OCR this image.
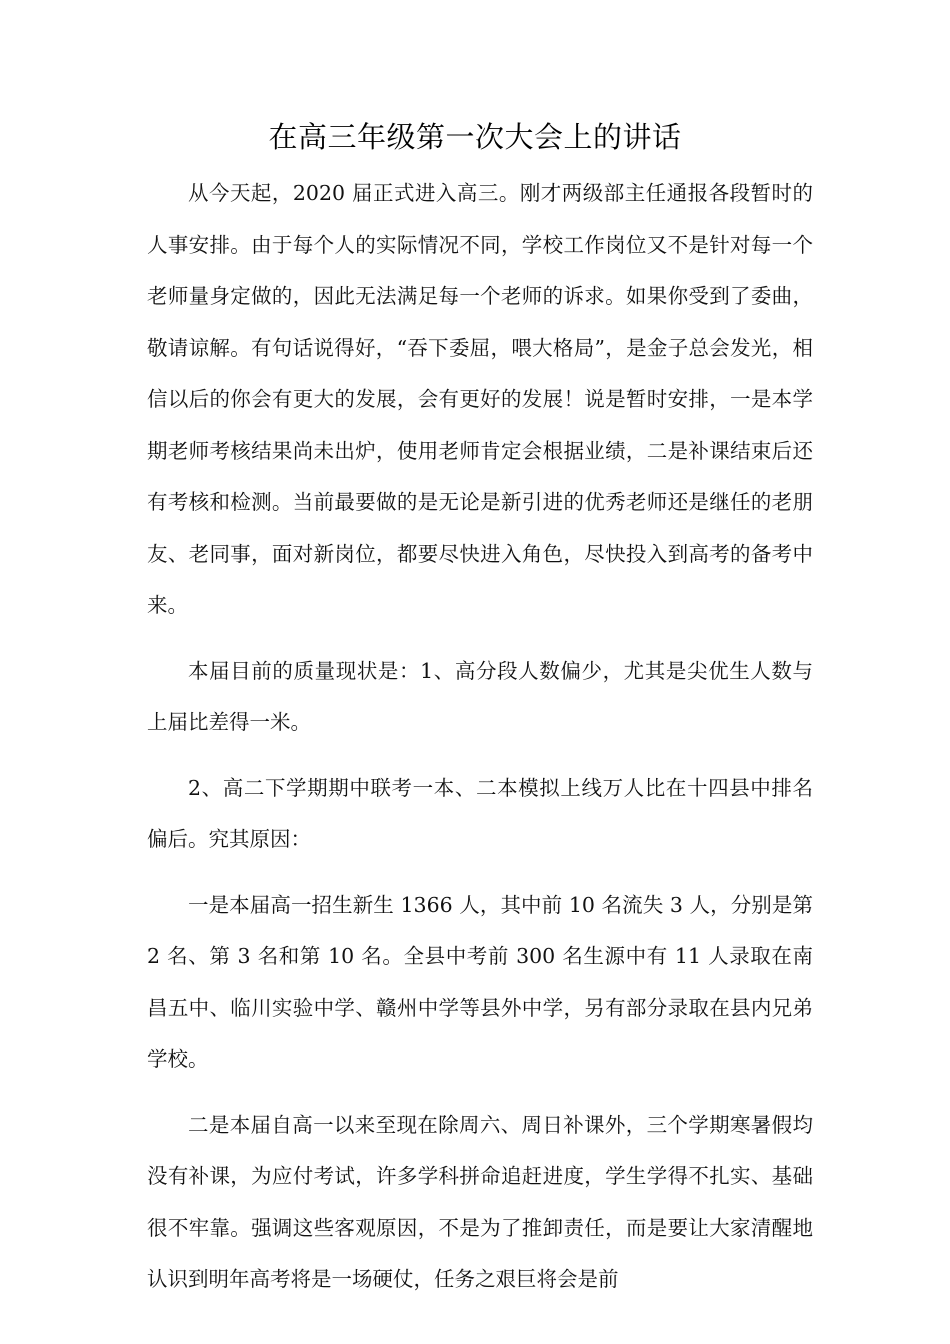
在高三年级第一次大会上的讲话

从今天起，2020 届正式进入高三。刚才两级部主任通报各段暂时的人事安排。由于每个人的实际情况不同，学校工作岗位又不是针对每一个老师量身定做的，因此无法满足每一个老师的诉求。如果你受到了委曲，敬请谅解。有句话说得好，“吞下委屈，喂大格局”，是金子总会发光，相信以后的你会有更大的发展，会有更好的发展！说是暂时安排，一是本学期老师考核结果尚未出炉，使用老师肯定会根据业绩，二是补课结束后还有考核和检测。当前最要做的是无论是新引进的优秀老师还是继任的老朋友、老同事，面对新岗位，都要尽快进入角色，尽快投入到高考的备考中来。

本届目前的质量现状是：1、高分段人数偏少，尤其是尖优生人数与上届比差得一米。

2、高二下学期期中联考一本、二本模拟上线万人比在十四县中排名偏后。究其原因：

一是本届高一招生新生 1366 人，其中前 10 名流失 3 人，分别是第 2 名、第 3 名和第 10 名。全县中考前 300 名生源中有 11 人录取在南昌五中、临川实验中学、赣州中学等县外中学，另有部分录取在县内兄弟学校。

二是本届自高一以来至现在除周六、周日补课外，三个学期寒暑假均没有补课，为应付考试，许多学科拼命追赶进度，学生学得不扎实、基础很不牢靠。强调这些客观原因，不是为了推卸责任，而是要让大家清醒地认识到明年高考将是一场硬仗，任务之艰巨将会是前
